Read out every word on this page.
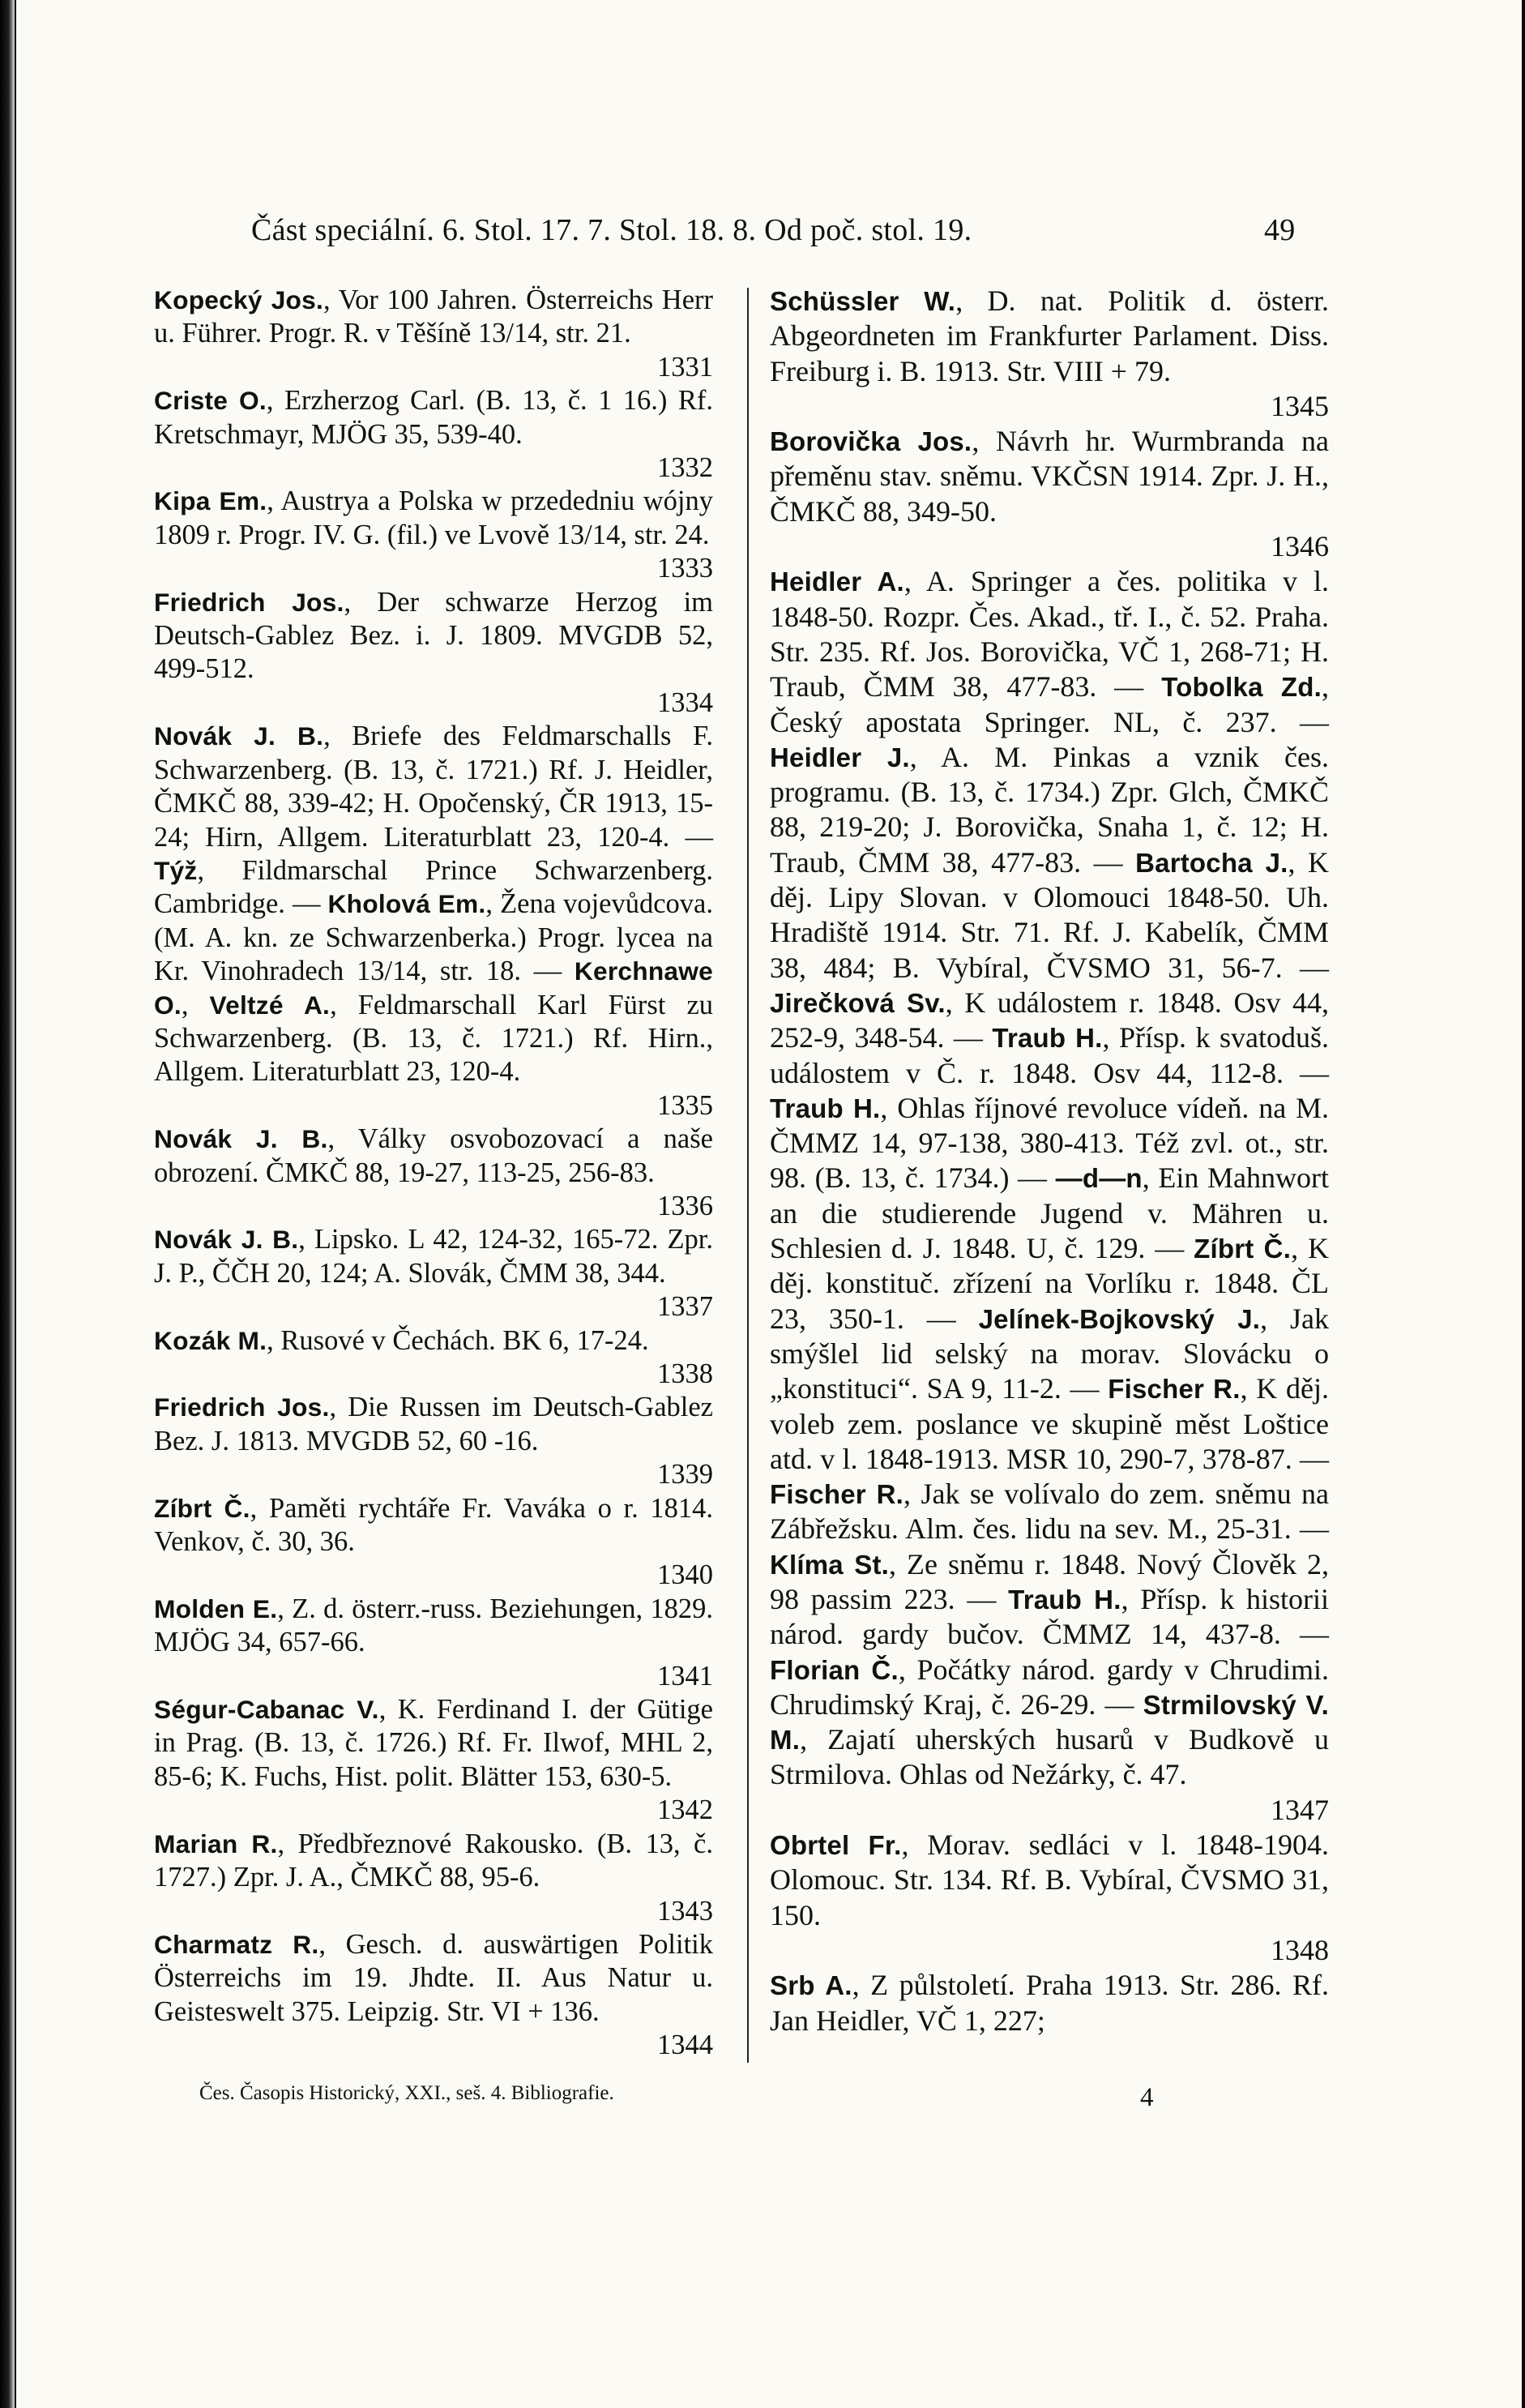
Část speciální. 6. Stol. 17. 7. Stol. 18. 8. Od poč. stol. 19.	49

Kopecký Jos., Vor 100 Jahren. Österreichs Herr u. Führer. Progr. R. v Těšíně 13/14, str. 21.
1331

Criste O., Erzherzog Carl. (B. 13, č. 1 16.) Rf. Kretschmayr, MJÖG 35, 539-40.
1332

Kipa Em., Austrya a Polska w przededniu wójny 1809 r. Progr. IV. G. (fil.) ve Lvově 13/14, str. 24.
1333

Friedrich Jos., Der schwarze Herzog im Deutsch-Gablez Bez. i. J. 1809. MVGDB 52, 499-512.
1334

Novák J. B., Briefe des Feldmarschalls F. Schwarzenberg. (B. 13, č. 1721.) Rf. J. Heidler, ČMKČ 88, 339-42; H. Opočenský, ČR 1913, 15-24; Hirn, Allgem. Literaturblatt 23, 120-4. — Týž, Fildmarschal Prince Schwarzenberg. Cambridge. — Kholová Em., Žena vojevůdcova. (M. A. kn. ze Schwarzenberka.) Progr. lycea na Kr. Vinohradech 13/14, str. 18. — Kerchnawe O., Veltzé A., Feldmarschall Karl Fürst zu Schwarzenberg. (B. 13, č. 1721.) Rf. Hirn., Allgem. Literaturblatt 23, 120-4.
1335

Novák J. B., Války osvobozovací a naše obrození. ČMKČ 88, 19-27, 113-25, 256-83.
1336

Novák J. B., Lipsko. L 42, 124-32, 165-72. Zpr. J. P., ČČH 20, 124; A. Slovák, ČMM 38, 344.
1337

Kozák M., Rusové v Čechách. BK 6, 17-24.
1338

Friedrich Jos., Die Russen im Deutsch-Gablez Bez. J. 1813. MVGDB 52, 60 -16.
1339

Zíbrt Č., Paměti rychtáře Fr. Vaváka o r. 1814. Venkov, č. 30, 36.
1340

Molden E., Z. d. österr.-russ. Beziehungen, 1829. MJÖG 34, 657-66.
1341

Ségur-Cabanac V., K. Ferdinand I. der Gütige in Prag. (B. 13, č. 1726.) Rf. Fr. Ilwof, MHL 2, 85-6; K. Fuchs, Hist. polit. Blätter 153, 630-5.
1342

Marian R., Předbřeznové Rakousko. (B. 13, č. 1727.) Zpr. J. A., ČMKČ 88, 95-6.
1343

Charmatz R., Gesch. d. auswärtigen Politik Österreichs im 19. Jhdte. II. Aus Natur u. Geisteswelt 375. Leipzig. Str. VI + 136.
1344

Schüssler W., D. nat. Politik d. österr. Abgeordneten im Frankfurter Parlament. Diss. Freiburg i. B. 1913. Str. VIII + 79.
1345

Borovička Jos., Návrh hr. Wurmbranda na přeměnu stav. sněmu. VKČSN 1914. Zpr. J. H., ČMKČ 88, 349-50.
1346

Heidler A., A. Springer a čes. politika v l. 1848-50. Rozpr. Čes. Akad., tř. I., č. 52. Praha. Str. 235. Rf. Jos. Borovička, VČ 1, 268-71; H. Traub, ČMM 38, 477-83. — Tobolka Zd., Český apostata Springer. NL, č. 237. — Heidler J., A. M. Pinkas a vznik čes. programu. (B. 13, č. 1734.) Zpr. Glch, ČMKČ 88, 219-20; J. Borovička, Snaha 1, č. 12; H. Traub, ČMM 38, 477-83. — Bartocha J., K děj. Lipy Slovan. v Olomouci 1848-50. Uh. Hradiště 1914. Str. 71. Rf. J. Kabelík, ČMM 38, 484; B. Vybíral, ČVSMO 31, 56-7. — Jirečková Sv., K událostem r. 1848. Osv 44, 252-9, 348-54. — Traub H., Přísp. k svatoduš. událostem v Č. r. 1848. Osv 44, 112-8. — Traub H., Ohlas říjnové revoluce vídeň. na M. ČMMZ 14, 97-138, 380-413. Též zvl. ot., str. 98. (B. 13, č. 1734.) — —d—n, Ein Mahnwort an die studierende Jugend v. Mähren u. Schlesien d. J. 1848. U, č. 129. — Zíbrt Č., K děj. konstituč. zřízení na Vorlíku r. 1848. ČL 23, 350-1. — Jelínek-Bojkovský J., Jak smýšlel lid selský na morav. Slovácku o „konstituci“. SA 9, 11-2. — Fischer R., K děj. voleb zem. poslance ve skupině měst Loštice atd. v l. 1848-1913. MSR 10, 290-7, 378-87. — Fischer R., Jak se volívalo do zem. sněmu na Zábřežsku. Alm. čes. lidu na sev. M., 25-31. — Klíma St., Ze sněmu r. 1848. Nový Člověk 2, 98 passim 223. — Traub H., Přísp. k historii národ. gardy bučov. ČMMZ 14, 437-8. — Florian Č., Počátky národ. gardy v Chrudimi. Chrudimský Kraj, č. 26-29. — Strmilovský V. M., Zajatí uherských husarů v Budkově u Strmilova. Ohlas od Nežárky, č. 47.
1347

Obrtel Fr., Morav. sedláci v l. 1848-1904. Olomouc. Str. 134. Rf. B. Vybíral, ČVSMO 31, 150.
1348

Srb A., Z půlstoletí. Praha 1913. Str. 286. Rf. Jan Heidler, VČ 1, 227;

Čes. Časopis Historický, XXI., seš. 4. Bibliografie.	4
